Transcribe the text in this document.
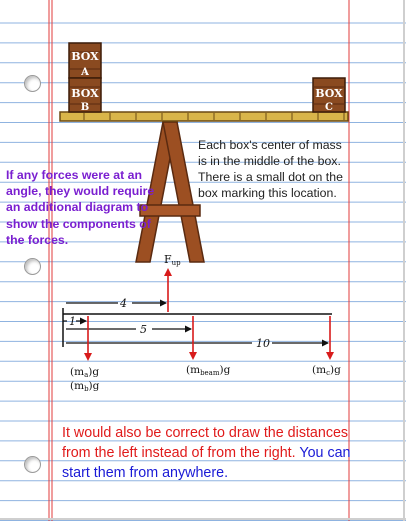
BOX
A
BOX
B
BOX
C

Each box's center of mass is in the middle of the box. There is a small dot on the box marking this location.

If any forces were at an angle, they would require an additional diagram to show the components of the forces.

Fup
4
1
5
10
(ma)g
(mb)g
(mbeam)g	(mc)g

It would also be correct to draw the distances from the left instead of from the right. You can start them from anywhere.
